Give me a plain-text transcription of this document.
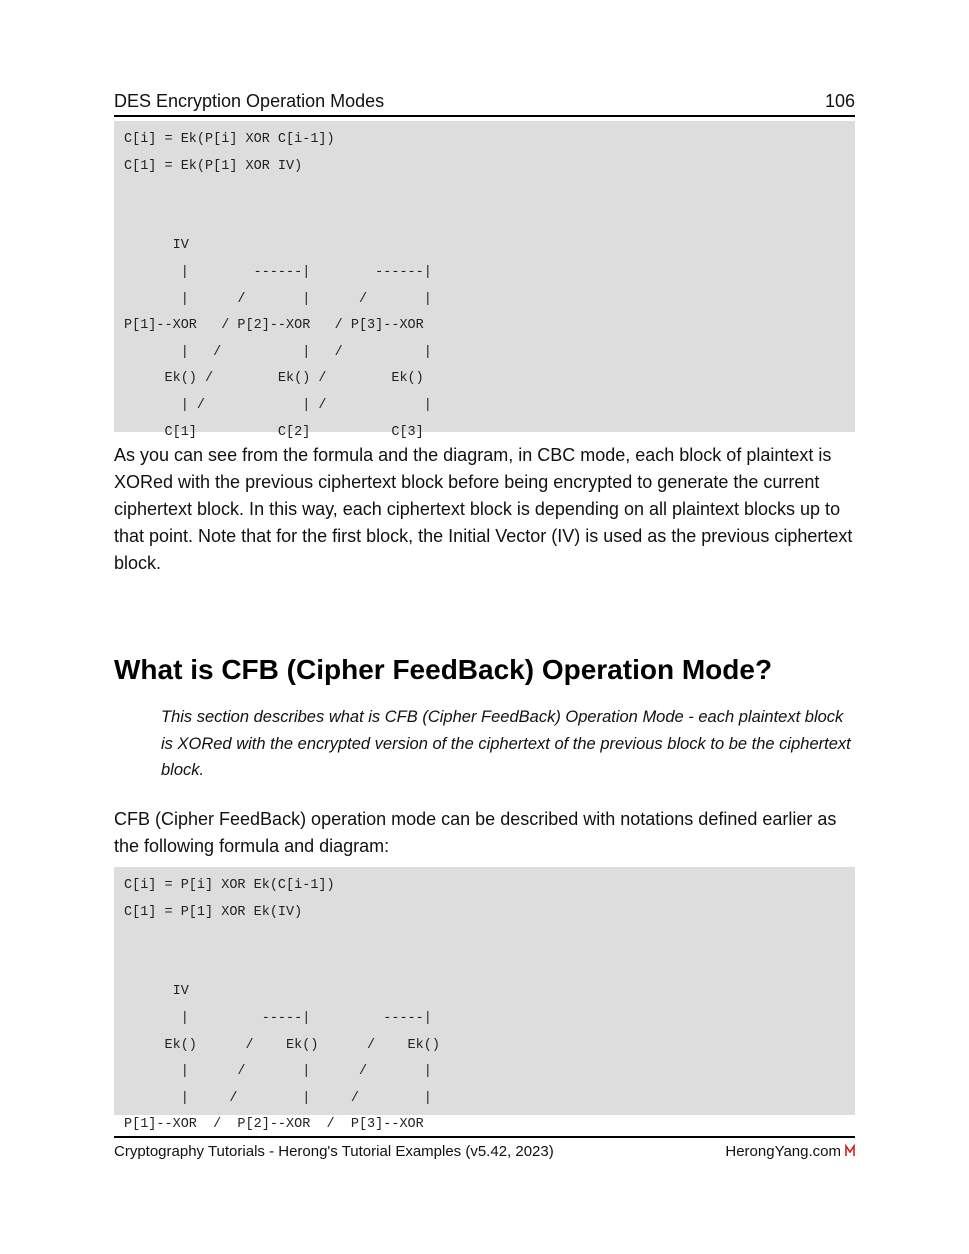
DES Encryption Operation Modes	106
C[i] = Ek(P[i] XOR C[i-1])
C[1] = Ek(P[1] XOR IV)

IV
|        ------|        ------|
|      /       |      /       |
P[1]--XOR   / P[2]--XOR   / P[3]--XOR
|   /          |   /          |
Ek() /        Ek() /        Ek()
| /            | /            |
C[1]          C[2]          C[3]

As you can see from the formula and the diagram, in CBC mode, each block of plaintext is XORed with the previous ciphertext block before being encrypted to generate the current ciphertext block. In this way, each ciphertext block is depending on all plaintext blocks up to that point. Note that for the first block, the Initial Vector (IV) is used as the previous ciphertext block.

What is CFB (Cipher FeedBack) Operation Mode?

This section describes what is CFB (Cipher FeedBack) Operation Mode - each plaintext block is XORed with the encrypted version of the ciphertext of the previous block to be the ciphertext block.

CFB (Cipher FeedBack) operation mode can be described with notations defined earlier as the following formula and diagram:

C[i] = P[i] XOR Ek(C[i-1])
C[1] = P[1] XOR Ek(IV)

IV
|         -----|         -----|
Ek()      /    Ek()      /    Ek()
|      /       |      /       |
|     /        |     /        |
P[1]--XOR  /  P[2]--XOR  /  P[3]--XOR
Cryptography Tutorials - Herong's Tutorial Examples (v5.42, 2023)	HerongYang.com
